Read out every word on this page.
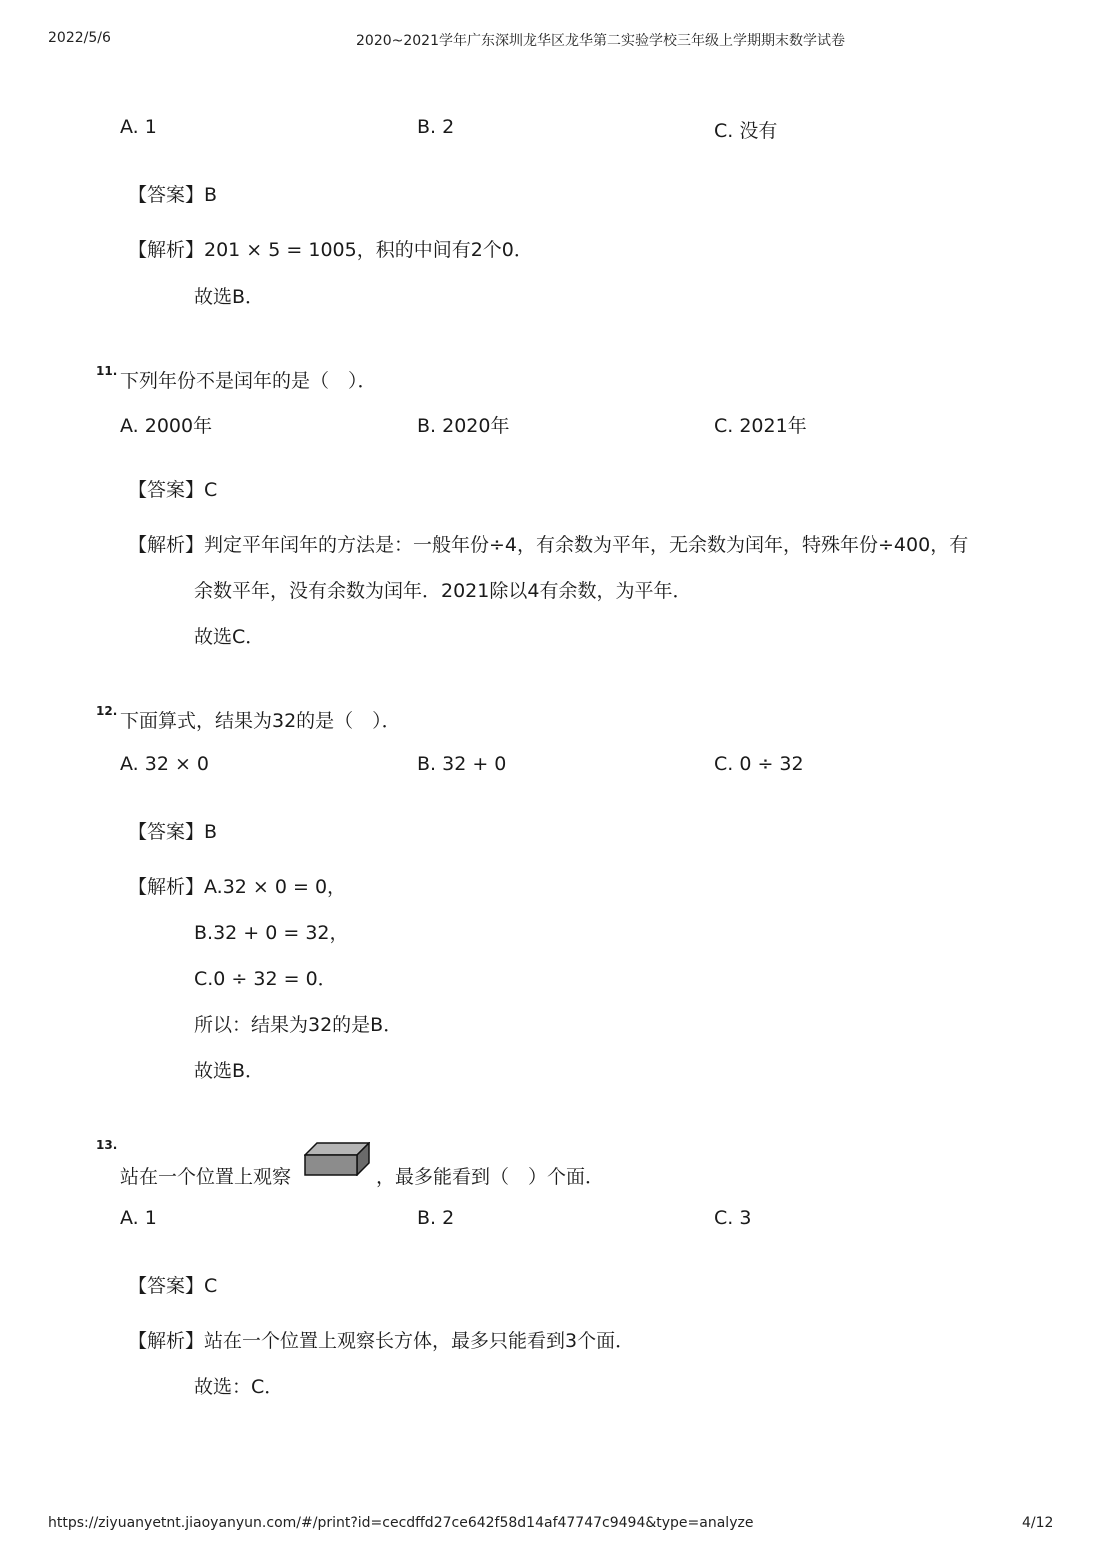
2022/5/6	2020~2021学年广东深圳龙华区龙华第二实验学校三年级上学期期末数学试卷
A. 1	B. 2	C. 没有
【答案】B
【解析】201 × 5 = 1005，积的中间有2个0．
故选B．
11. 下列年份不是闰年的是（　）．
A. 2000年	B. 2020年	C. 2021年
【答案】C
【解析】判定平年闰年的方法是：一般年份÷4，有余数为平年，无余数为闰年，特殊年份÷400，有
余数平年，没有余数为闰年．2021除以4有余数，为平年．
故选C．
12. 下面算式，结果为32的是（　）．
A. 32 × 0	B. 32 + 0	C. 0 ÷ 32
【答案】B
【解析】A.32 × 0 = 0，
B.32 + 0 = 32，
C.0 ÷ 32 = 0．
所以：结果为32的是B．
故选B．
13.
站在一个位置上观察	，最多能看到（　）个面．
A. 1	B. 2	C. 3
【答案】C
【解析】站在一个位置上观察长方体，最多只能看到3个面．
故选：C．
https://ziyuanyetnt.jiaoyanyun.com/#/print?id=cecdffd27ce642f58d14af47747c9494&type=analyze	4/12
